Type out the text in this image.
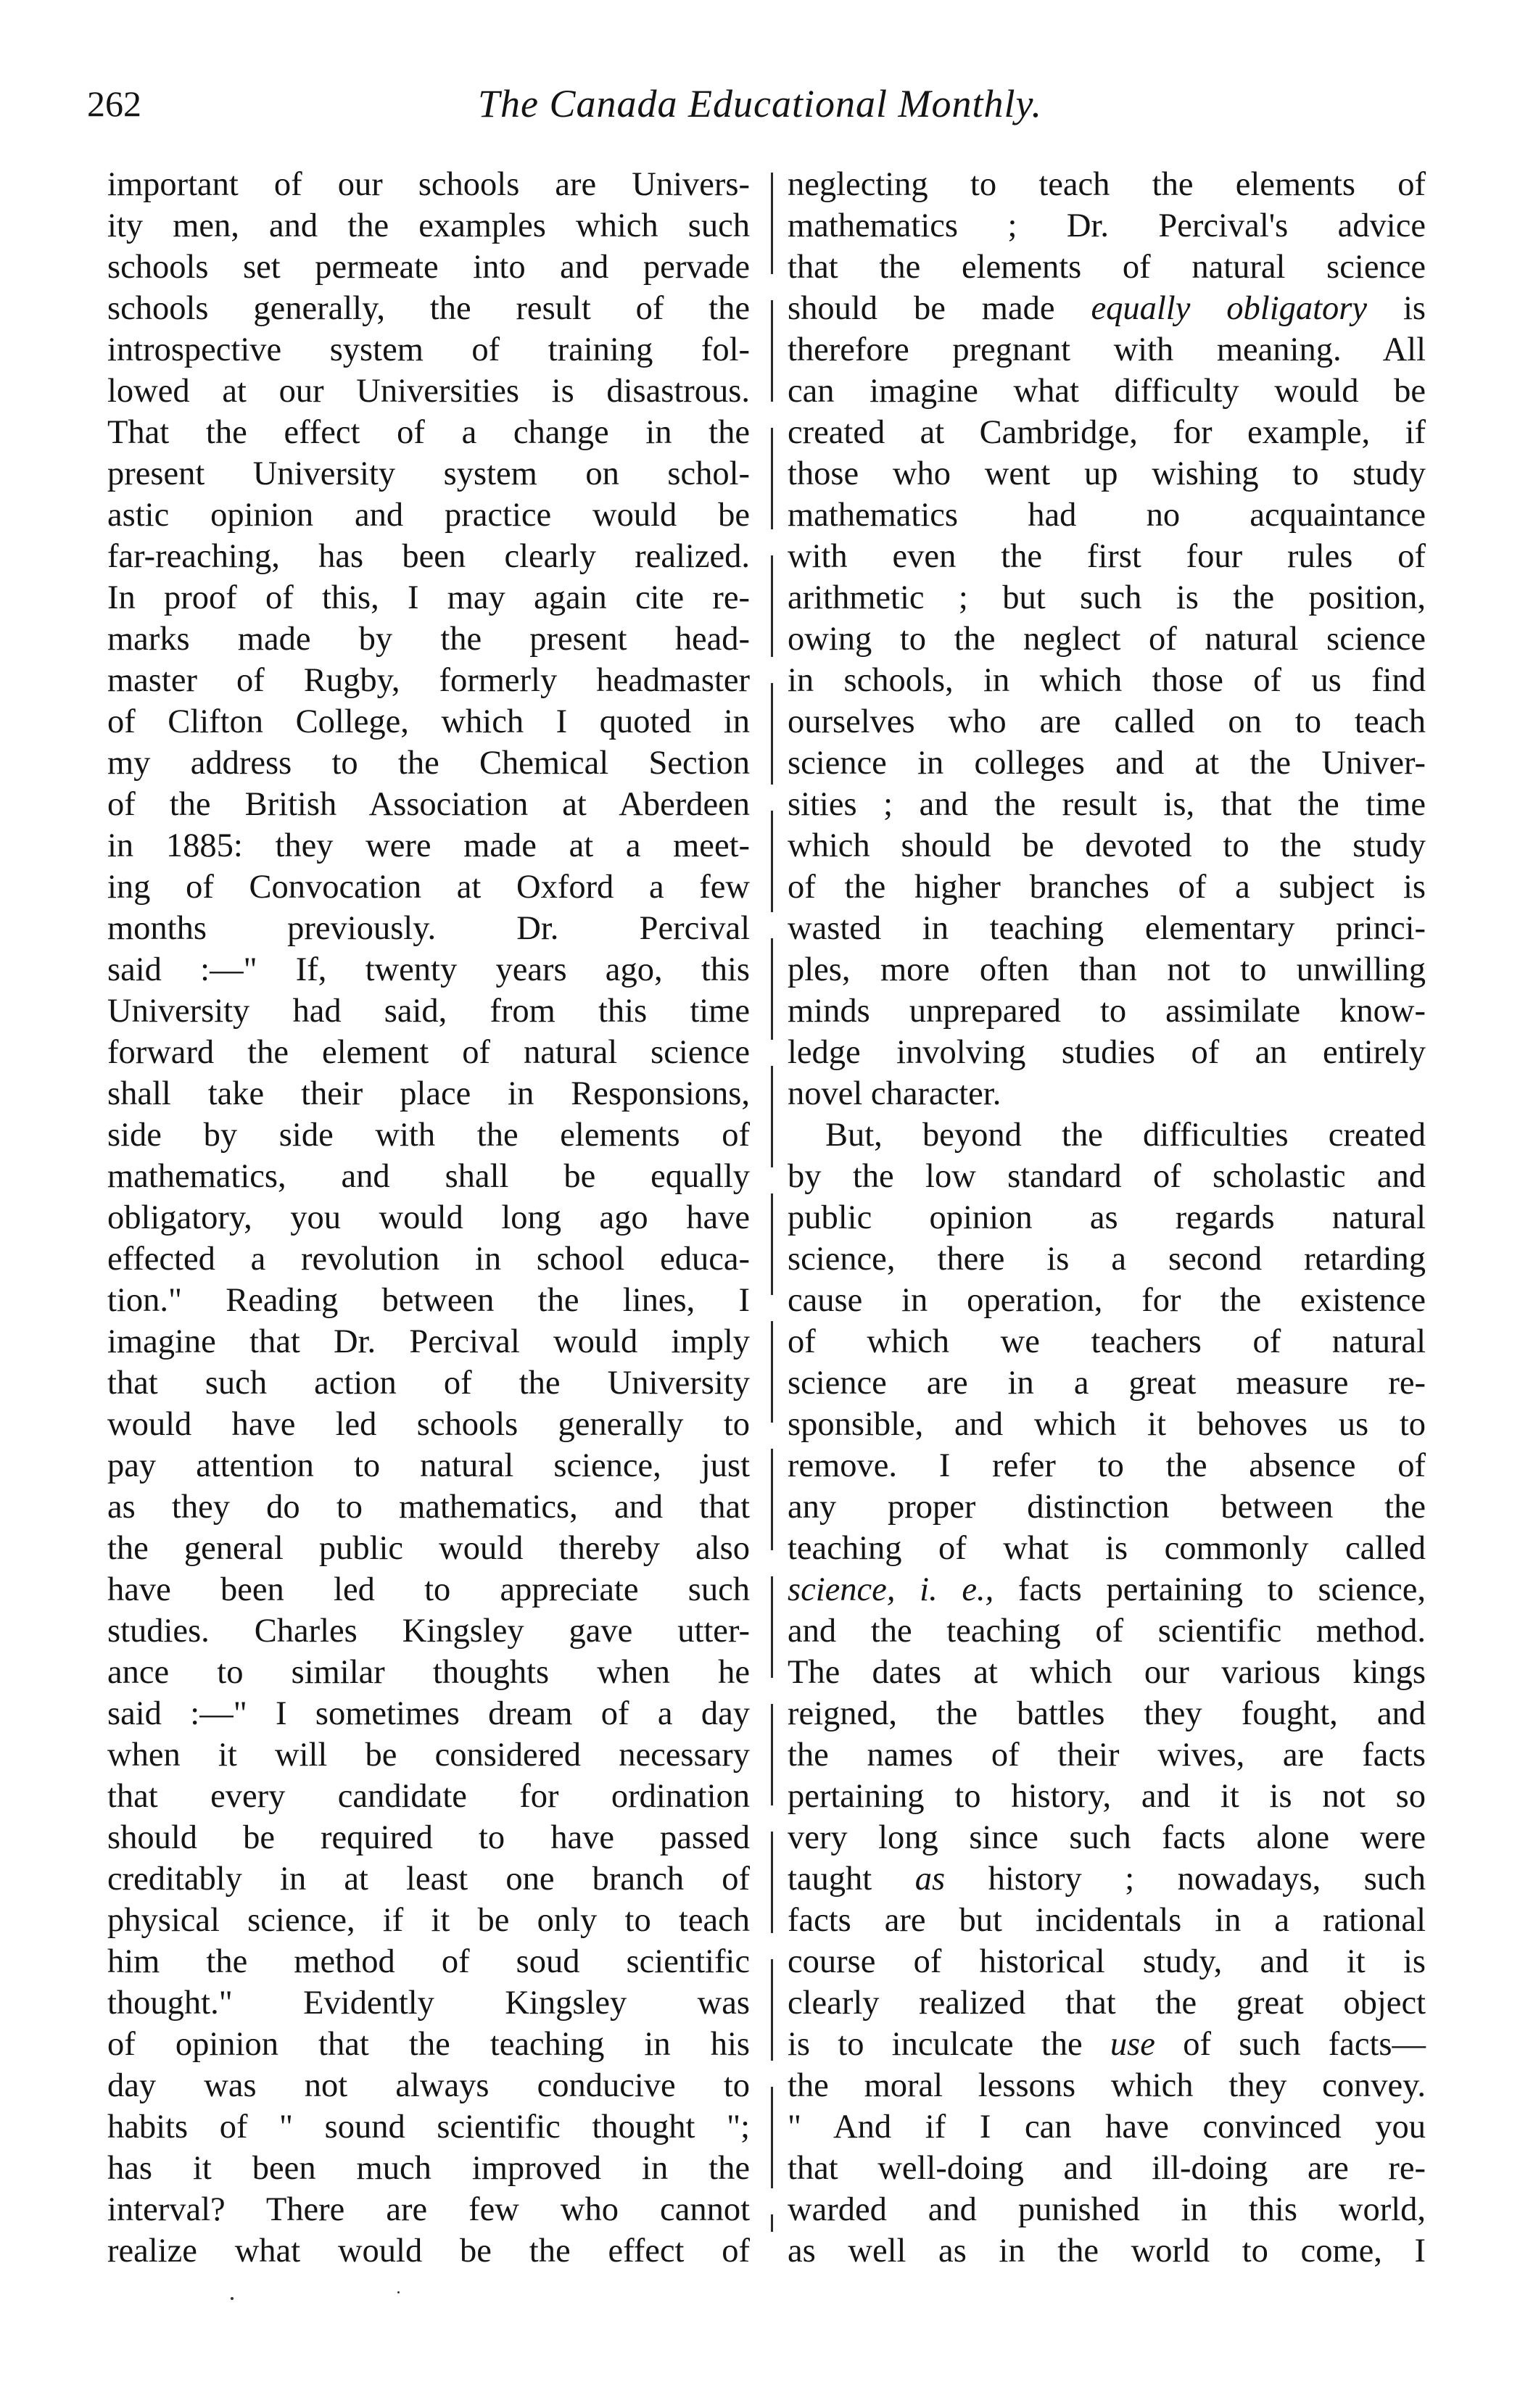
262	The Canada Educational Monthly.
important of our schools are Univers-
ity men, and the examples which such
schools set permeate into and pervade
schools generally, the result of the
introspective system of training fol-
lowed at our Universities is disastrous.
That the effect of a change in the
present University system on schol-
astic opinion and practice would be
far-reaching, has been clearly realized.
In proof of this, I may again cite re-
marks made by the present head-
master of Rugby, formerly headmaster
of Clifton College, which I quoted in
my address to the Chemical Section
of the British Association at Aberdeen
in 1885: they were made at a meet-
ing of Convocation at Oxford a few
months previously. Dr. Percival
said :—" If, twenty years ago, this
University had said, from this time
forward the element of natural science
shall take their place in Responsions,
side by side with the elements of
mathematics, and shall be equally
obligatory, you would long ago have
effected a revolution in school educa-
tion." Reading between the lines, I
imagine that Dr. Percival would imply
that such action of the University
would have led schools generally to
pay attention to natural science, just
as they do to mathematics, and that
the general public would thereby also
have been led to appreciate such
studies. Charles Kingsley gave utter-
ance to similar thoughts when he
said :—" I sometimes dream of a day
when it will be considered necessary
that every candidate for ordination
should be required to have passed
creditably in at least one branch of
physical science, if it be only to teach
him the method of soud scientific
thought." Evidently Kingsley was
of opinion that the teaching in his
day was not always conducive to
habits of " sound scientific thought ";
has it been much improved in the
interval? There are few who cannot
realize what would be the effect of
neglecting to teach the elements of
mathematics ; Dr. Percival's advice
that the elements of natural science
should be made equally obligatory is
therefore pregnant with meaning. All
can imagine what difficulty would be
created at Cambridge, for example, if
those who went up wishing to study
mathematics had no acquaintance
with even the first four rules of
arithmetic ; but such is the position,
owing to the neglect of natural science
in schools, in which those of us find
ourselves who are called on to teach
science in colleges and at the Univer-
sities ; and the result is, that the time
which should be devoted to the study
of the higher branches of a subject is
wasted in teaching elementary princi-
ples, more often than not to unwilling
minds unprepared to assimilate know-
ledge involving studies of an entirely
novel character.
But, beyond the difficulties created
by the low standard of scholastic and
public opinion as regards natural
science, there is a second retarding
cause in operation, for the existence
of which we teachers of natural
science are in a great measure re-
sponsible, and which it behoves us to
remove. I refer to the absence of
any proper distinction between the
teaching of what is commonly called
science, i. e., facts pertaining to science,
and the teaching of scientific method.
The dates at which our various kings
reigned, the battles they fought, and
the names of their wives, are facts
pertaining to history, and it is not so
very long since such facts alone were
taught as history ; nowadays, such
facts are but incidentals in a rational
course of historical study, and it is
clearly realized that the great object
is to inculcate the use of such facts—
the moral lessons which they convey.
" And if I can have convinced you
that well-doing and ill-doing are re-
warded and punished in this world,
as well as in the world to come, I
